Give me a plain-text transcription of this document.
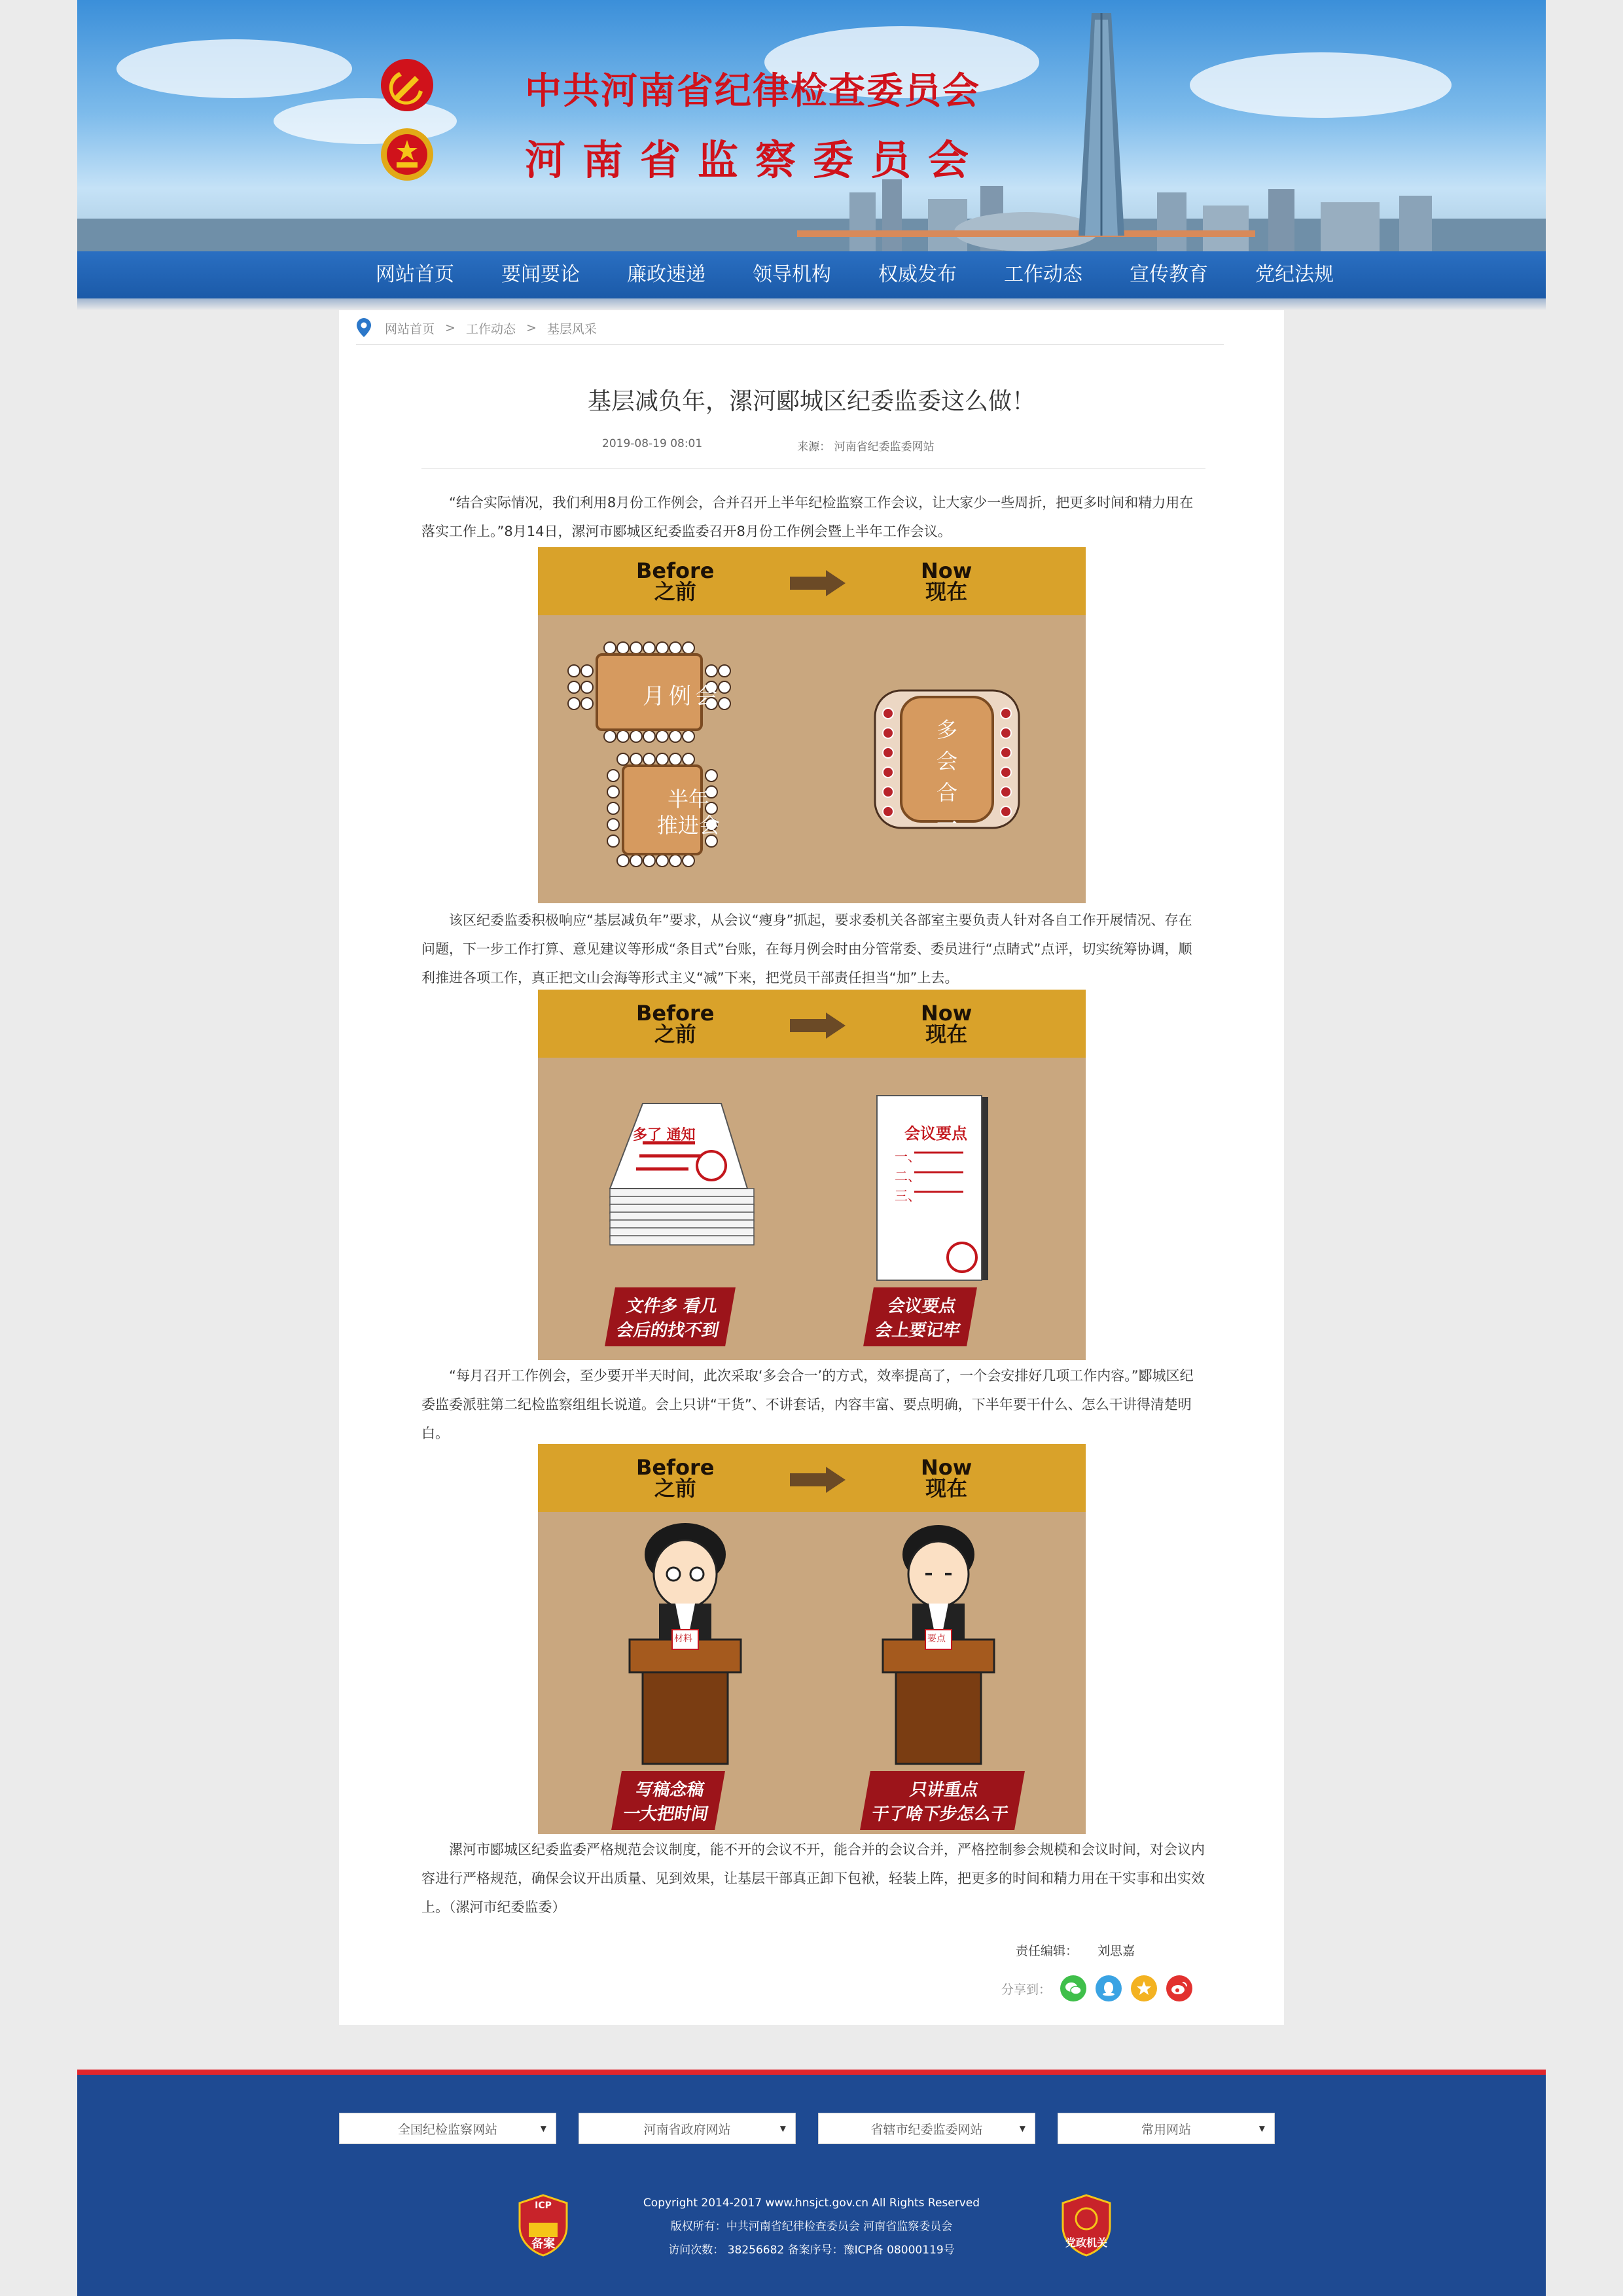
中共河南省纪律检查委员会
河南省监察委员会
网站首页	要闻要论	廉政速递	领导机构	权威发布	工作动态	宣传教育	党纪法规
网站首页 > 工作动态 > 基层风采
基层减负年，漯河郾城区纪委监委这么做！
2019-08-19 08:01	来源： 河南省纪委监委网站
“结合实际情况，我们利用8月份工作例会，合并召开上半年纪检监察工作会议，让大家少一些周折，把更多时间和精力用在落实工作上。”8月14日，漯河市郾城区纪委监委召开8月份工作例会暨上半年工作会议。
Before
之前
Now
现在
月例会
半年
推进会
多会合一
该区纪委监委积极响应“基层减负年”要求，从会议“瘦身”抓起，要求委机关各部室主要负责人针对各自工作开展情况、存在问题，下一步工作打算、意见建议等形成“条目式”台账，在每月例会时由分管常委、委员进行“点睛式”点评，切实统筹协调，顺利推进各项工作，真正把文山会海等形式主义“减”下来，把党员干部责任担当“加”上去。
Before
之前
Now
现在
多了 通知	会议要点
一、
二、
三、
文件多 看几
会后的找不到
会议要点
会上要记牢
“每月召开工作例会，至少要开半天时间，此次采取‘多会合一’的方式，效率提高了，一个会安排好几项工作内容。”郾城区纪委监委派驻第二纪检监察组组长说道。会上只讲“干货”、不讲套话，内容丰富、要点明确，下半年要干什么、怎么干讲得清楚明白。
Before
之前
Now
现在
材料	要点
写稿念稿
一大把时间
只讲重点
干了啥下步怎么干
漯河市郾城区纪委监委严格规范会议制度，能不开的会议不开，能合并的会议合并，严格控制参会规模和会议时间，对会议内容进行严格规范，确保会议开出质量、见到效果，让基层干部真正卸下包袱，轻装上阵，把更多的时间和精力用在干实事和出实效上。（漯河市纪委监委）
责任编辑： 刘思嘉
分享到：
全国纪检监察网站	▼	河南省政府网站	▼	省辖市纪委监委网站	▼	常用网站	▼
Copyright 2014-2017 www.hnsjct.gov.cn All Rights Reserved
版权所有：中共河南省纪律检查委员会 河南省监察委员会
访问次数： 38256682 备案序号：豫ICP备 08000119号
ICP
备案	党政机关
